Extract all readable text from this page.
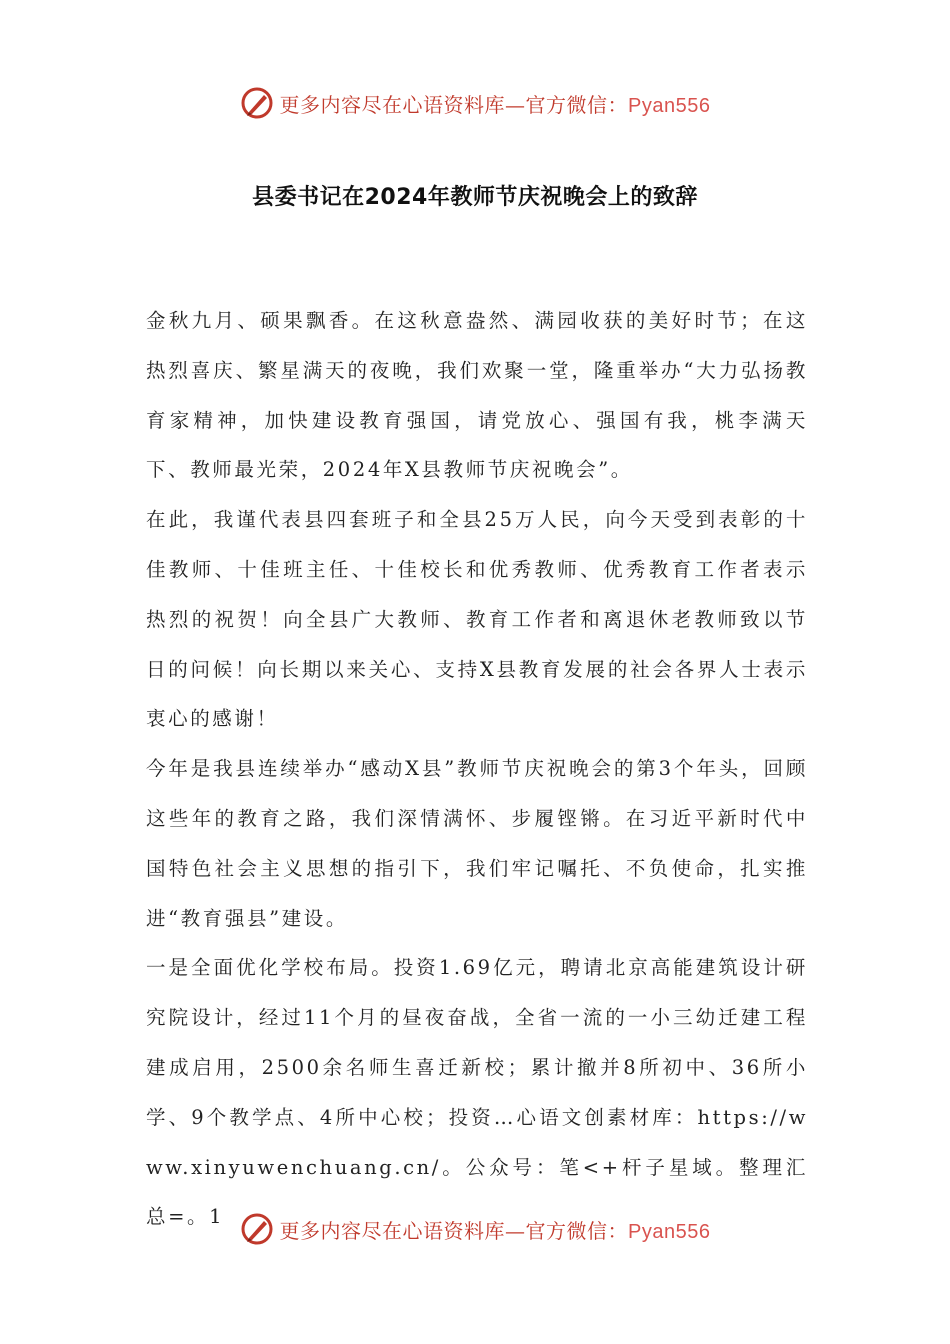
更多内容尽在心语资料库—官方微信：Pyan556
县委书记在2024年教师节庆祝晚会上的致辞

金秋九月、硕果飘香。在这秋意盎然、满园收获的美好时节；在这热烈喜庆、繁星满天的夜晚，我们欢聚一堂，隆重举办“大力弘扬教育家精神，加快建设教育强国，请党放心、强国有我，桃李满天下、教师最光荣，2024年X县教师节庆祝晚会”。

在此，我谨代表县四套班子和全县25万人民，向今天受到表彰的十佳教师、十佳班主任、十佳校长和优秀教师、优秀教育工作者表示热烈的祝贺！向全县广大教师、教育工作者和离退休老教师致以节日的问候！向长期以来关心、支持X县教育发展的社会各界人士表示衷心的感谢！

今年是我县连续举办“感动X县”教师节庆祝晚会的第3个年头，回顾这些年的教育之路，我们深情满怀、步履铿锵。在习近平新时代中国特色社会主义思想的指引下，我们牢记嘱托、不负使命，扎实推进“教育强县”建设。

一是全面优化学校布局。投资1.69亿元，聘请北京高能建筑设计研究院设计，经过11个月的昼夜奋战，全省一流的一小三幼迁建工程建成启用，2500余名师生喜迁新校；累计撤并8所初中、36所小学、9个教学点、4所中心校；投资…心语文创素材库：https://www.xinyuwenchuang.cn/。公众号：笔<+杆子星域。整理汇总=。1

更多内容尽在心语资料库—官方微信：Pyan556
